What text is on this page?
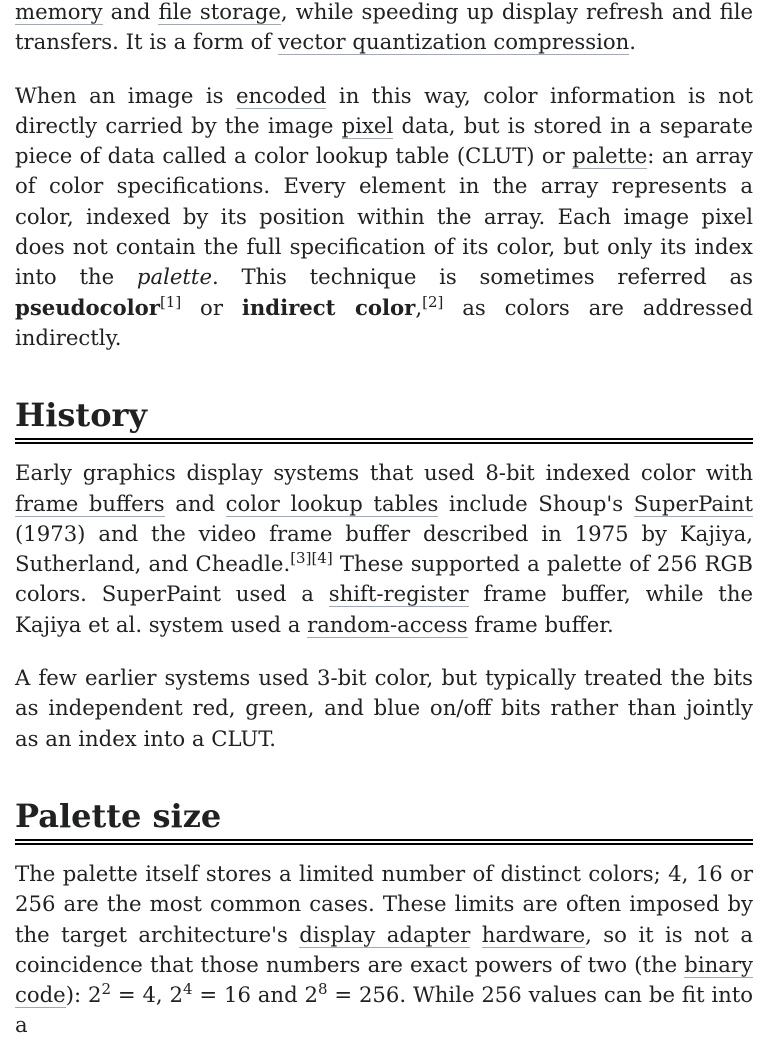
memory and file storage, while speeding up display refresh and file transfers. It is a form of vector quantization compression.

When an image is encoded in this way, color information is not directly carried by the image pixel data, but is stored in a separate piece of data called a color lookup table (CLUT) or palette: an array of color specifications. Every element in the array represents a color, indexed by its position within the array. Each image pixel does not contain the full specification of its color, but only its index into the palette. This technique is sometimes referred as pseudocolor[1] or indirect color,[2] as colors are addressed indirectly.

History

Early graphics display systems that used 8-bit indexed color with frame buffers and color lookup tables include Shoup's SuperPaint (1973) and the video frame buffer described in 1975 by Kajiya, Sutherland, and Cheadle.[3][4] These supported a palette of 256 RGB colors. SuperPaint used a shift-register frame buffer, while the Kajiya et al. system used a random-access frame buffer.

A few earlier systems used 3-bit color, but typically treated the bits as independent red, green, and blue on/off bits rather than jointly as an index into a CLUT.

Palette size

The palette itself stores a limited number of distinct colors; 4, 16 or 256 are the most common cases. These limits are often imposed by the target architecture's display adapter hardware, so it is not a coincidence that those numbers are exact powers of two (the binary code): $2^2 = 4$, $2^4 = 16$ and $2^8 = 256$. While 256 values can be fit into a
